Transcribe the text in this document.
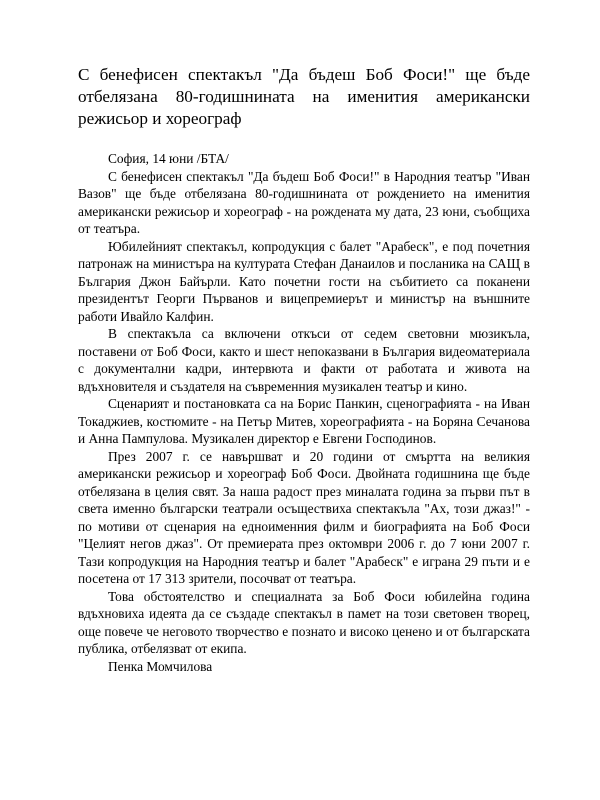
С бенефисен спектакъл "Да бъдеш Боб Фоси!" ще бъде отбелязана 80-годишнината на именития американски режисьор и хореограф

София, 14 юни /БТА/

С бенефисен спектакъл "Да бъдеш Боб Фоси!" в Народния театър "Иван Вазов" ще бъде отбелязана 80-годишнината от рождението на именития американски режисьор и хореограф - на рождената му дата, 23 юни, съобщиха от театъра.

Юбилейният спектакъл, копродукция с балет "Арабеск", е под почетния патронаж на министъра на културата Стефан Данаилов и посланика на САЩ в България Джон Байърли. Като почетни гости на събитието са поканени президентът Георги Първанов и вицепремиерът и министър на външните работи Ивайло Калфин.

В спектакъла са включени откъси от седем световни мюзикъла, поставени от Боб Фоси, както и шест непоказвани в България видеоматериала с документални кадри, интервюта и факти от работата и живота на вдъхновителя и създателя на съвременния музикален театър и кино.

Сценарият и постановката са на Борис Панкин, сценографията - на Иван Токаджиев, костюмите - на Петър Митев, хореографията - на Боряна Сечанова и Анна Пампулова. Музикален директор е Евгени Господинов.

През 2007 г. се навършват и 20 години от смъртта на великия американски режисьор и хореограф Боб Фоси. Двойната годишнина ще бъде отбелязана в целия свят. За наша радост през миналата година за първи път в света именно български театрали осъществиха спектакъла "Ах, този джаз!" - по мотиви от сценария на едноименния филм и биографията на Боб Фоси "Целият негов джаз". От премиерата през октомври 2006 г. до 7 юни 2007 г. Тази копродукция на Народния театър и балет "Арабеск" е играна 29 пъти и е посетена от 17 313 зрители, посочват от театъра.

Това обстоятелство и специалната за Боб Фоси юбилейна година вдъхновиха идеята да се създаде спектакъл в памет на този световен творец, още повече че неговото творчество е познато и високо ценено и от българската публика, отбелязват от екипа.

Пенка Момчилова
